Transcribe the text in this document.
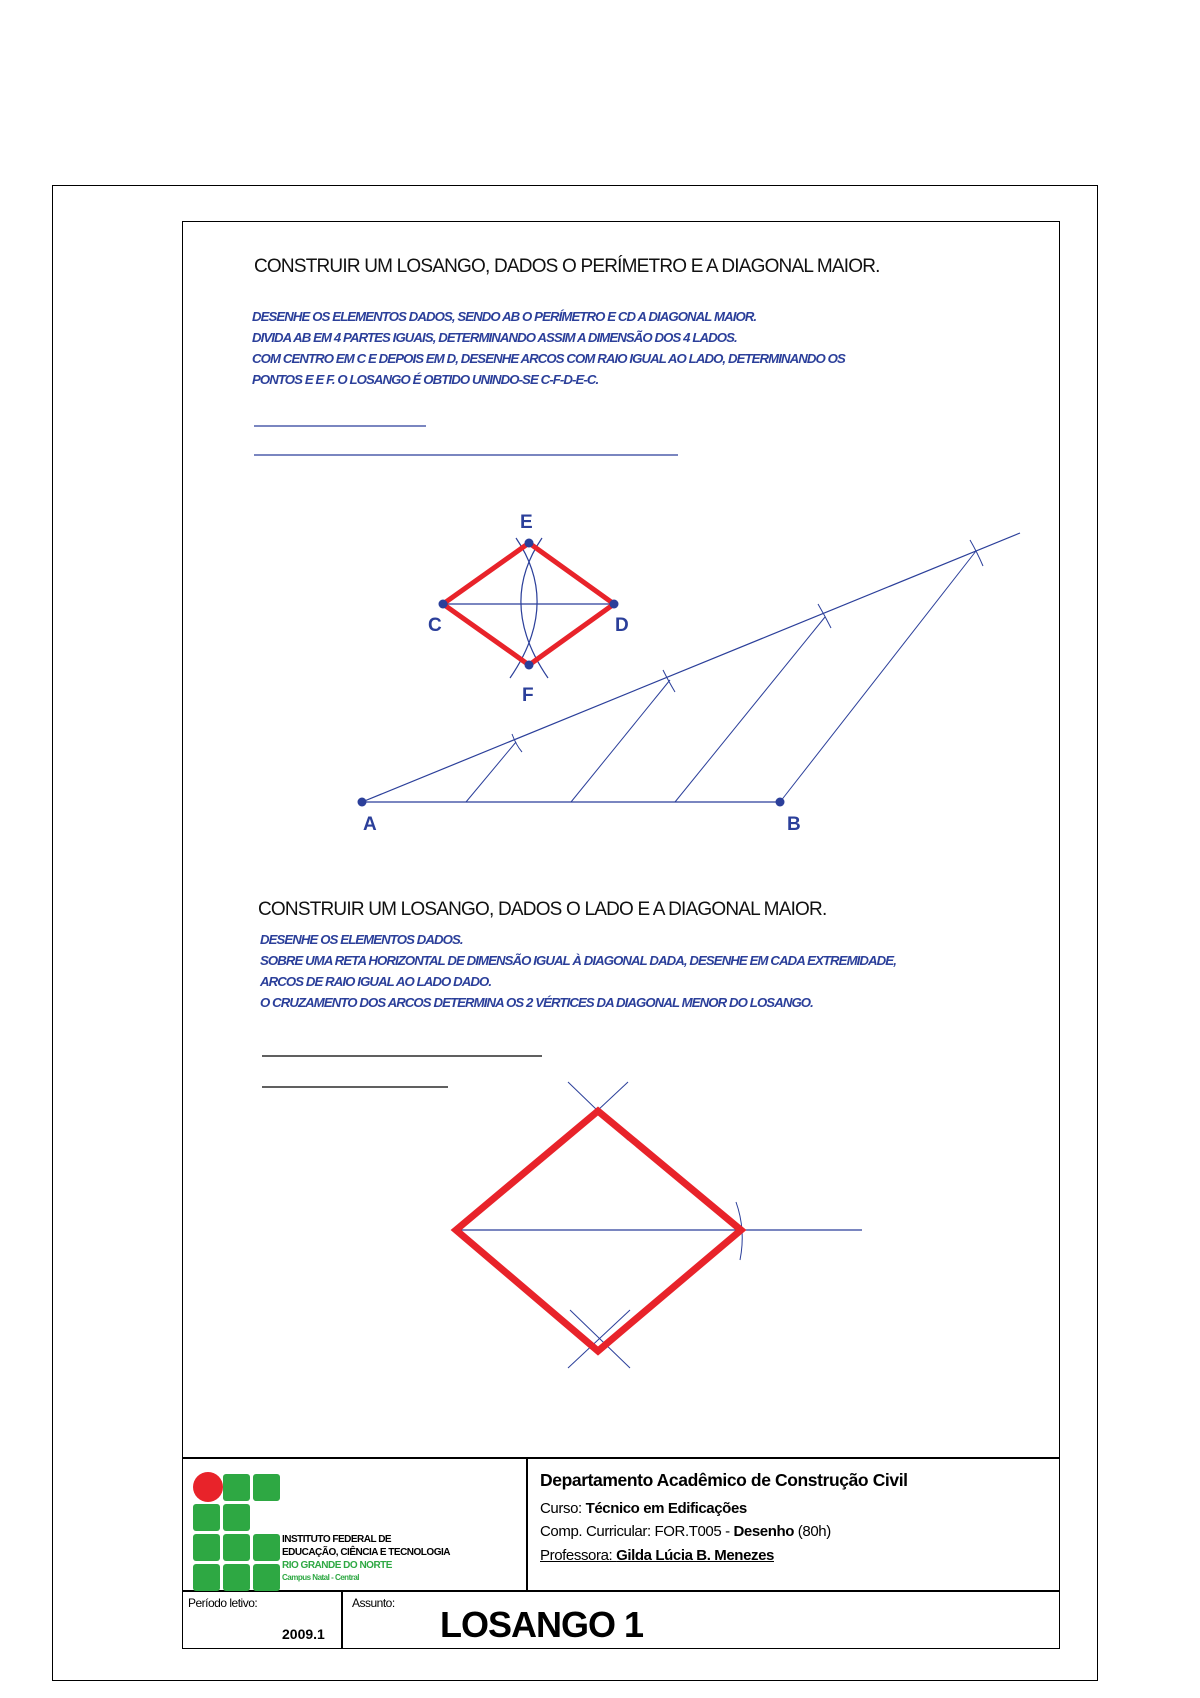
CONSTRUIR UM LOSANGO, DADOS O PERÍMETRO E A DIAGONAL MAIOR.
DESENHE OS ELEMENTOS DADOS, SENDO AB O PERÍMETRO E CD A DIAGONAL MAIOR.
DIVIDA AB EM 4 PARTES IGUAIS, DETERMINANDO ASSIM A DIMENSÃO DOS 4 LADOS.
COM CENTRO EM C E DEPOIS EM D, DESENHE ARCOS COM RAIO IGUAL AO LADO, DETERMINANDO OS
PONTOS E E F. O LOSANGO É OBTIDO UNINDO-SE C-F-D-E-C.
CONSTRUIR UM LOSANGO, DADOS O LADO E A DIAGONAL MAIOR.
DESENHE OS ELEMENTOS DADOS.
SOBRE UMA RETA HORIZONTAL DE DIMENSÃO IGUAL À DIAGONAL DADA, DESENHE EM CADA EXTREMIDADE,
ARCOS DE RAIO IGUAL AO LADO DADO.
O CRUZAMENTO DOS ARCOS DETERMINA OS 2 VÉRTICES DA DIAGONAL MENOR DO LOSANGO.
E
C	D
F
A	B
INSTITUTO FEDERAL DE
EDUCAÇÃO, CIÊNCIA E TECNOLOGIA
RIO GRANDE DO NORTE
Campus Natal - Central
Departamento Acadêmico de Construção Civil
Curso: Técnico em Edificações
Comp. Curricular: FOR.T005 - Desenho (80h)
Professora: Gilda Lúcia B. Menezes
Período letivo:
2009.1
Assunto:
LOSANGO 1
